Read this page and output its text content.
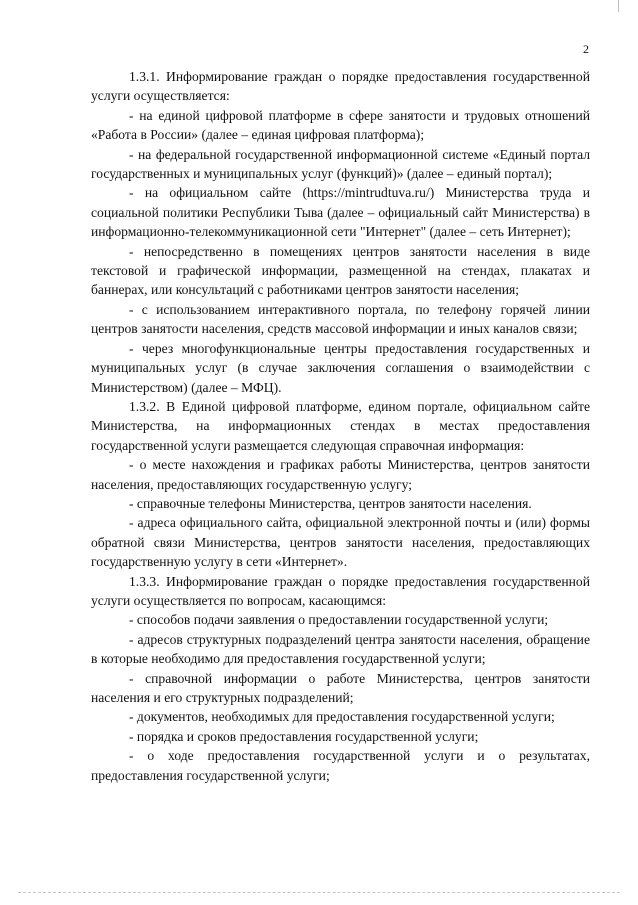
2

1.3.1. Информирование граждан о порядке предоставления государственной услуги осуществляется:

- на единой цифровой платформе в сфере занятости и трудовых отношений «Работа в России» (далее – единая цифровая платформа);

- на федеральной государственной информационной системе «Единый портал государственных и муниципальных услуг (функций)» (далее – единый портал);

- на официальном сайте (https://mintrudtuva.ru/) Министерства труда и социальной политики Республики Тыва (далее – официальный сайт Министерства) в информационно-телекоммуникационной сети "Интернет" (далее – сеть Интернет);

- непосредственно в помещениях центров занятости населения в виде текстовой и графической информации, размещенной на стендах, плакатах и баннерах, или консультаций с работниками центров занятости населения;

- с использованием интерактивного портала, по телефону горячей линии центров занятости населения, средств массовой информации и иных каналов связи;

- через многофункциональные центры предоставления государственных и муниципальных услуг (в случае заключения соглашения о взаимодействии с Министерством) (далее – МФЦ).

1.3.2. В Единой цифровой платформе, едином портале, официальном сайте Министерства, на информационных стендах в местах предоставления государственной услуги размещается следующая справочная информация:

- о месте нахождения и графиках работы Министерства, центров занятости населения, предоставляющих государственную услугу;

- справочные телефоны Министерства, центров занятости населения.

- адреса официального сайта, официальной электронной почты и (или) формы обратной связи Министерства, центров занятости населения, предоставляющих государственную услугу в сети «Интернет».

1.3.3. Информирование граждан о порядке предоставления государственной услуги осуществляется по вопросам, касающимся:

- способов подачи заявления о предоставлении государственной услуги;

- адресов структурных подразделений центра занятости населения, обращение в которые необходимо для предоставления государственной услуги;

- справочной информации о работе Министерства, центров занятости населения и его структурных подразделений;

- документов, необходимых для предоставления государственной услуги;

- порядка и сроков предоставления государственной услуги;

- о ходе предоставления государственной услуги и о результатах, предоставления государственной услуги;
